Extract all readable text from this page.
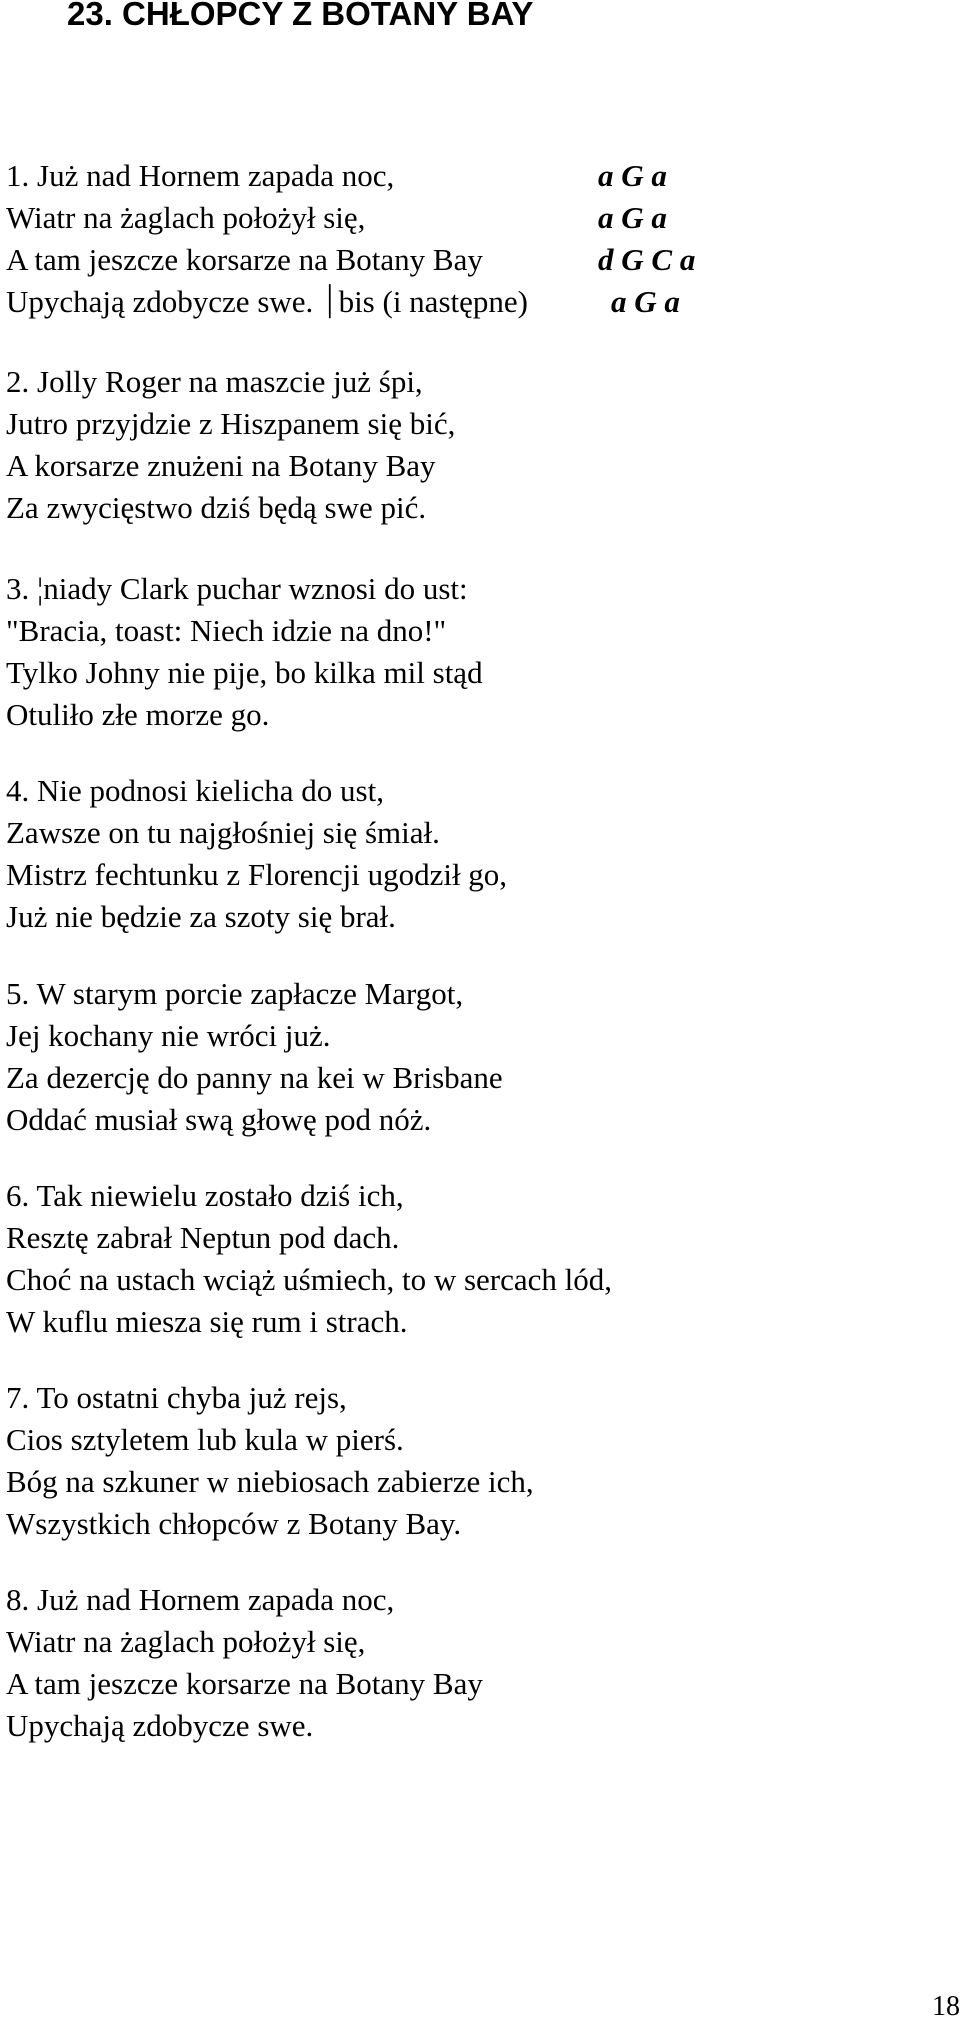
23. CHŁOPCY Z BOTANY BAY
1. Już nad Hornem zapada noc,	a G a
Wiatr na żaglach położył się,	a G a
A tam jeszcze korsarze na Botany Bay	d G C a
Upychają zdobycze swe. ⏐bis (i następne)	a G a
2. Jolly Roger na maszcie już śpi,
Jutro przyjdzie z Hiszpanem się bić,
A korsarze znużeni na Botany Bay
Za zwycięstwo dziś będą swe pić.
3. ¦niady Clark puchar wznosi do ust:
"Bracia, toast: Niech idzie na dno!"
Tylko Johny nie pije, bo kilka mil stąd
Otuliło złe morze go.
4. Nie podnosi kielicha do ust,
Zawsze on tu najgłośniej się śmiał.
Mistrz fechtunku z Florencji ugodził go,
Już nie będzie za szoty się brał.
5. W starym porcie zapłacze Margot,
Jej kochany nie wróci już.
Za dezercję do panny na kei w Brisbane
Oddać musiał swą głowę pod nóż.
6. Tak niewielu zostało dziś ich,
Resztę zabrał Neptun pod dach.
Choć na ustach wciąż uśmiech, to w sercach lód,
W kuflu miesza się rum i strach.
7. To ostatni chyba już rejs,
Cios sztyletem lub kula w pierś.
Bóg na szkuner w niebiosach zabierze ich,
Wszystkich chłopców z Botany Bay.
8. Już nad Hornem zapada noc,
Wiatr na żaglach położył się,
A tam jeszcze korsarze na Botany Bay
Upychają zdobycze swe.
18
